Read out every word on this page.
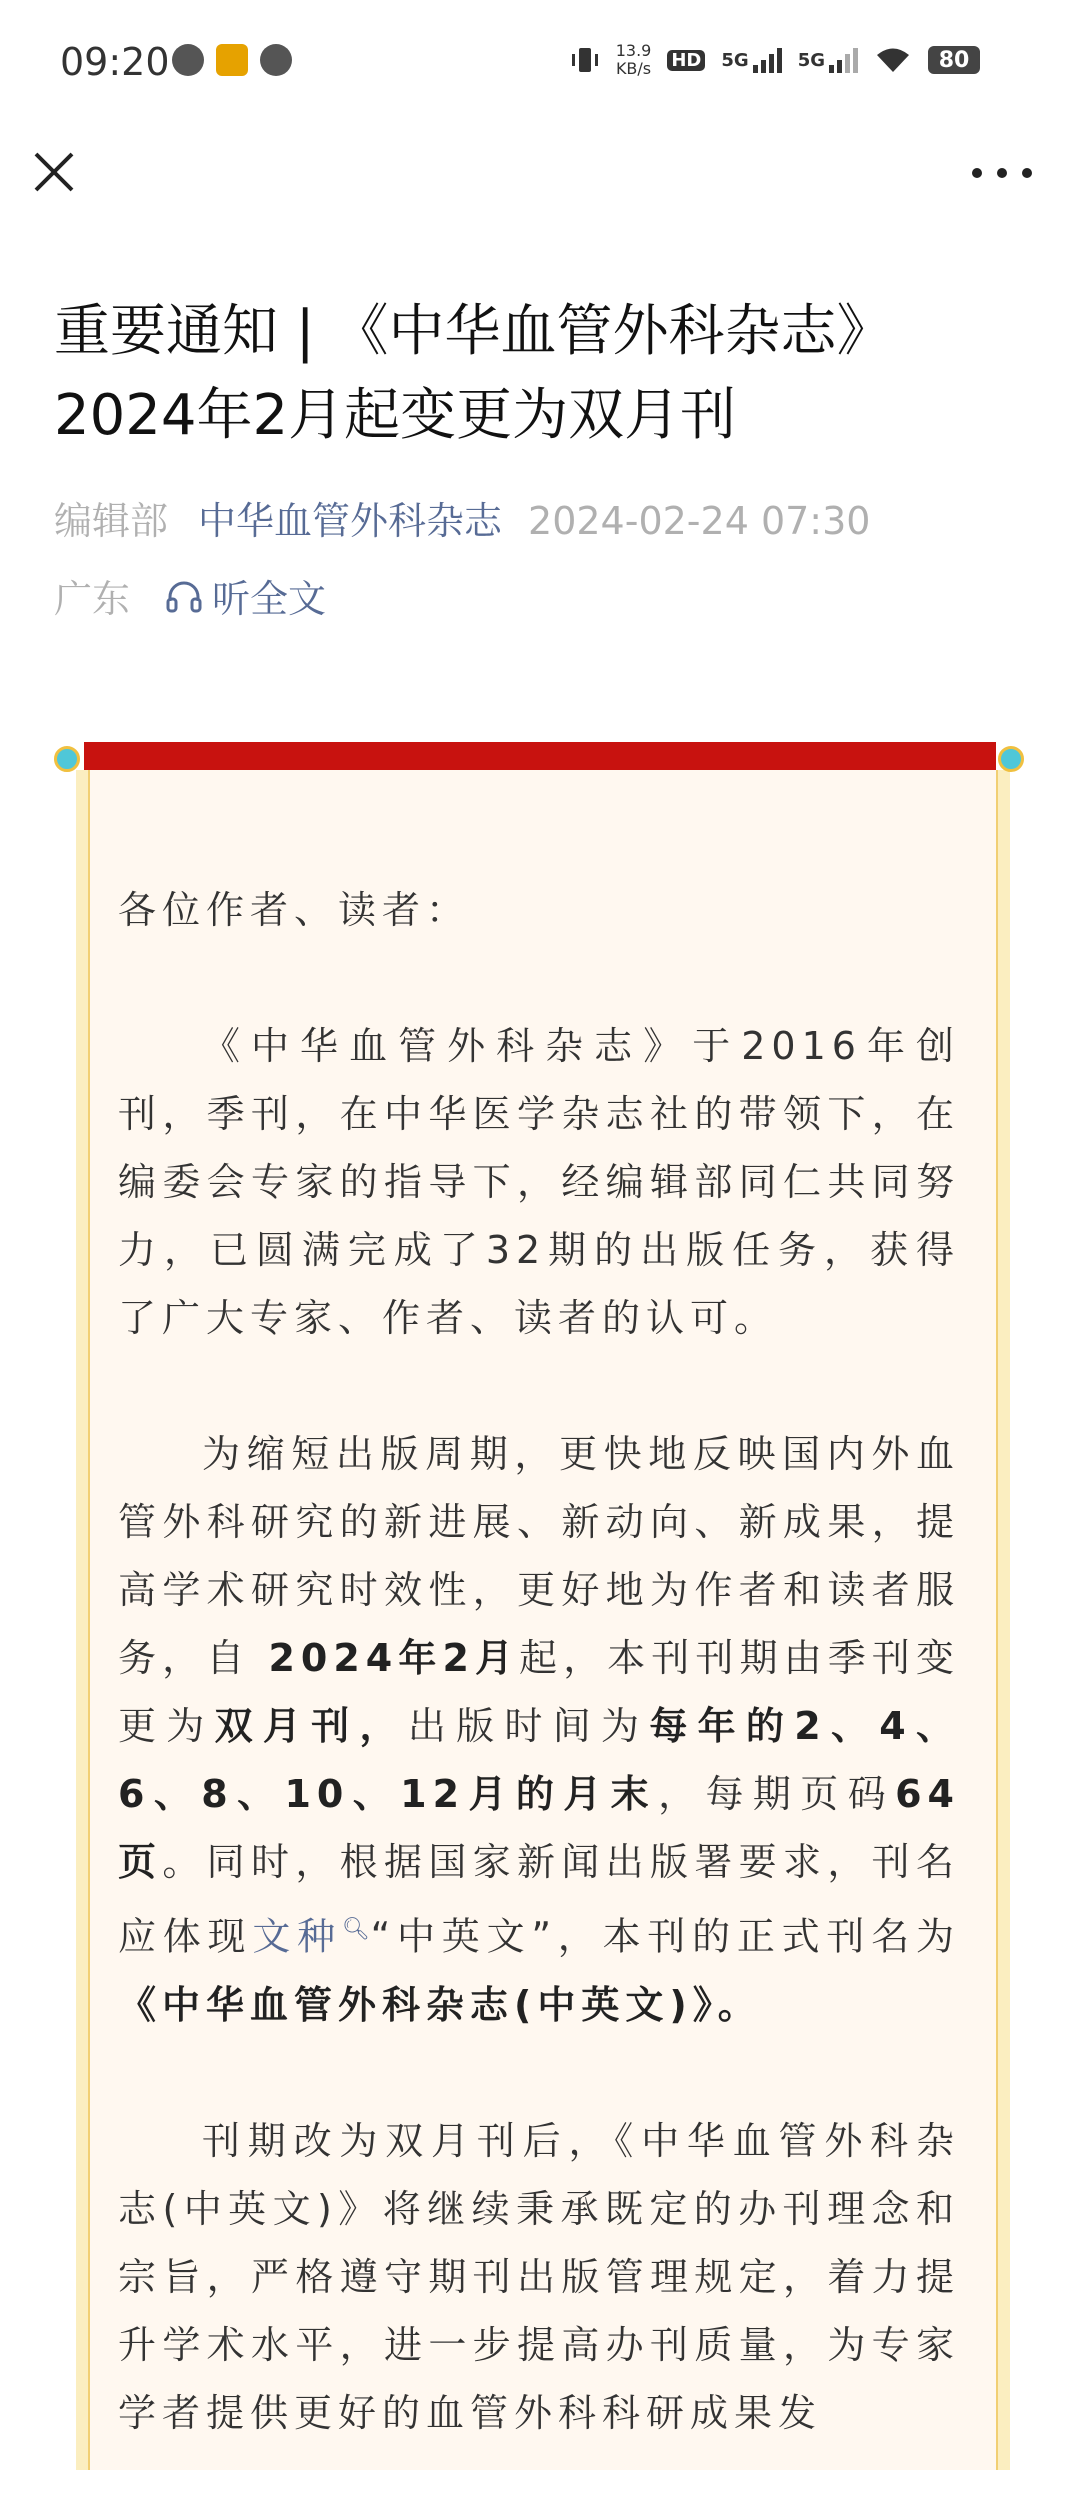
09:20	13.9
KB/s HD 5G	5G	80
重要通知 | 《中华血管外科杂志》2024年2月起变更为双月刊
编辑部 中华血管外科杂志 2024-02-24 07:30
广东 听全文

各位作者、读者：

《中华血管外科杂志》于2016年创刊，季刊，在中华医学杂志社的带领下，在编委会专家的指导下，经编辑部同仁共同努力，已圆满完成了32期的出版任务，获得了广大专家、作者、读者的认可。

为缩短出版周期，更快地反映国内外血管外科研究的新进展、新动向、新成果，提高学术研究时效性，更好地为作者和读者服务，自 2024年2月起，本刊刊期由季刊变更为双月刊，出版时间为每年的2、4、6、8、10、12月的月末，每期页码64页。同时，根据国家新闻出版署要求，刊名应体现文种🔍︎“中英文”，本刊的正式刊名为《中华血管外科杂志(中英文)》。

刊期改为双月刊后，《中华血管外科杂志(中英文)》将继续秉承既定的办刊理念和宗旨，严格遵守期刊出版管理规定，着力提升学术水平，进一步提高办刊质量，为专家学者提供更好的血管外科科研成果发
